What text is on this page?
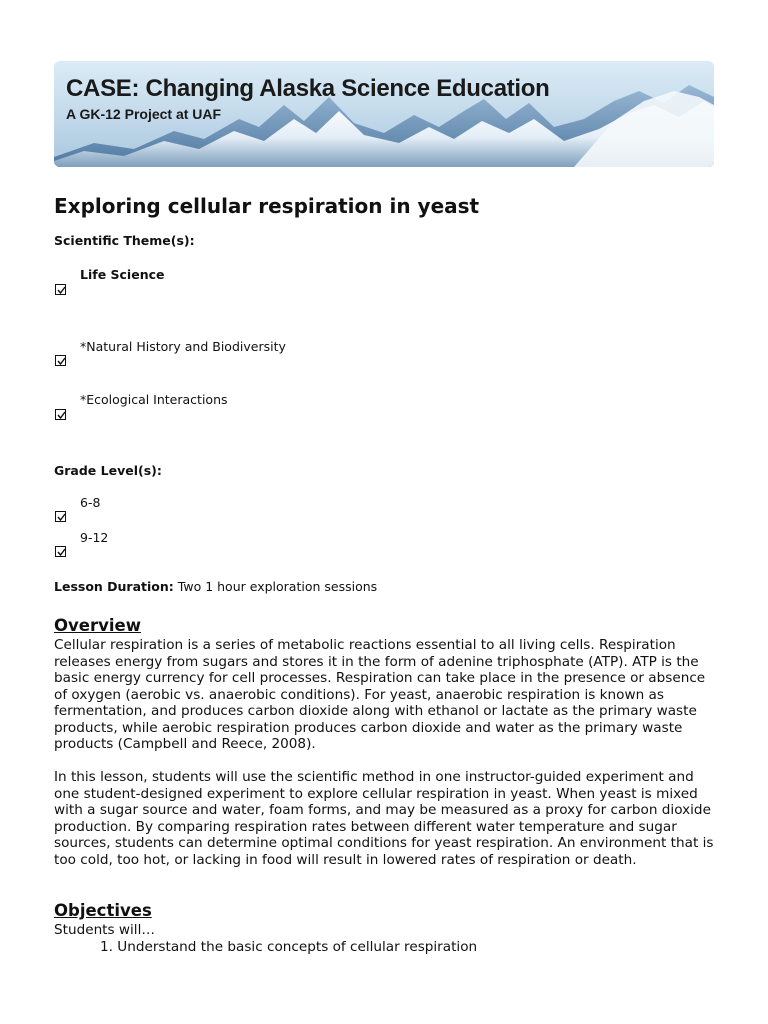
CASE: Changing Alaska Science Education

A GK-12 Project at UAF

Exploring cellular respiration in yeast

Scientific Theme(s):

Life Science

*Natural History and Biodiversity

*Ecological Interactions

Grade Level(s):

6-8

9-12

Lesson Duration: Two 1 hour exploration sessions

Overview

Cellular respiration is a series of metabolic reactions essential to all living cells. Respiration releases energy from sugars and stores it in the form of adenine triphosphate (ATP). ATP is the basic energy currency for cell processes. Respiration can take place in the presence or absence of oxygen (aerobic vs. anaerobic conditions). For yeast, anaerobic respiration is known as fermentation, and produces carbon dioxide along with ethanol or lactate as the primary waste products, while aerobic respiration produces carbon dioxide and water as the primary waste products (Campbell and Reece, 2008).

In this lesson, students will use the scientific method in one instructor-guided experiment and one student-designed experiment to explore cellular respiration in yeast. When yeast is mixed with a sugar source and water, foam forms, and may be measured as a proxy for carbon dioxide production. By comparing respiration rates between different water temperature and sugar sources, students can determine optimal conditions for yeast respiration. An environment that is too cold, too hot, or lacking in food will result in lowered rates of respiration or death.

Objectives

Students will…

1. Understand the basic concepts of cellular respiration
